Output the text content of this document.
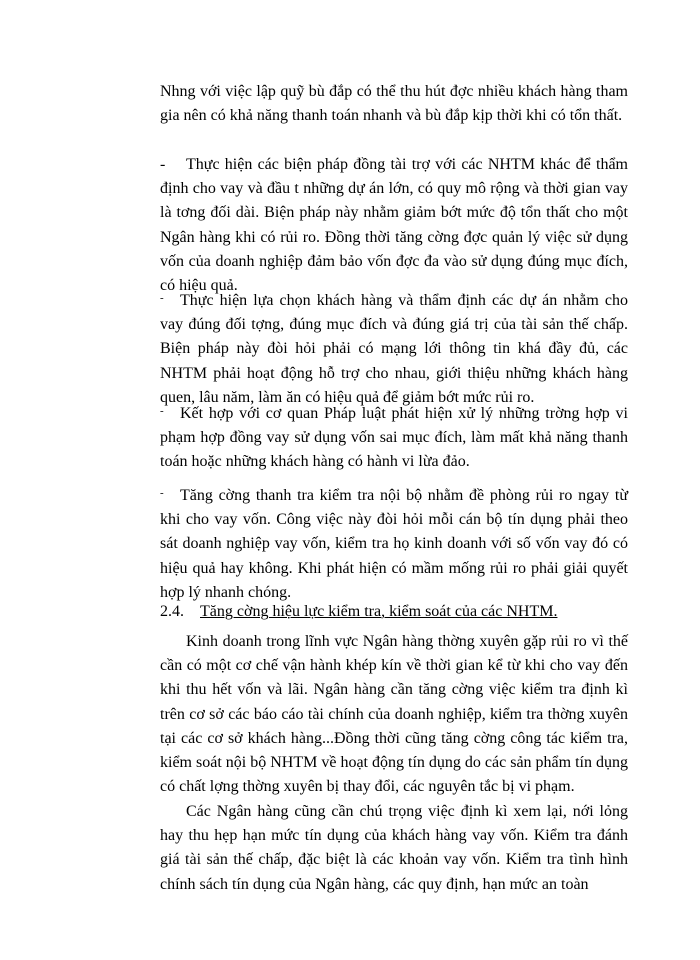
Nhng với việc lập quỹ bù đắp có thể thu hút đợc nhiều khách hàng tham gia nên có khả năng thanh toán nhanh và bù đắp kịp thời khi có tổn thất.

- Thực hiện các biện pháp đồng tài trợ với các NHTM khác để thẩm định cho vay và đầu t những dự án lớn, có quy mô rộng và thời gian vay là tơng đối dài. Biện pháp này nhằm giảm bớt mức độ tổn thất cho một Ngân hàng khi có rủi ro. Đồng thời tăng cờng đợc quản lý việc sử dụng vốn của doanh nghiệp đảm bảo vốn đợc đa vào sử dụng đúng mục đích, có hiệu quả.

- Thực hiện lựa chọn khách hàng và thẩm định các dự án nhằm cho vay đúng đối tợng, đúng mục đích và đúng giá trị của tài sản thế chấp. Biện pháp này đòi hỏi phải có mạng lới thông tin khá đầy đủ, các NHTM phải hoạt động hỗ trợ cho nhau, giới thiệu những khách hàng quen, lâu năm, làm ăn có hiệu quả để giảm bớt mức rủi ro.

- Kết hợp với cơ quan Pháp luật phát hiện xử lý những trờng hợp vi phạm hợp đồng vay sử dụng vốn sai mục đích, làm mất khả năng thanh toán hoặc những khách hàng có hành vi lừa đảo.

- Tăng cờng thanh tra kiểm tra nội bộ nhằm đề phòng rủi ro ngay từ khi cho vay vốn. Công việc này đòi hỏi mỗi cán bộ tín dụng phải theo sát doanh nghiệp vay vốn, kiểm tra họ kinh doanh với số vốn vay đó có hiệu quả hay không. Khi phát hiện có mầm mống rủi ro phải giải quyết hợp lý nhanh chóng.

2.4. Tăng cờng hiệu lực kiểm tra, kiểm soát của các NHTM.

Kinh doanh trong lĩnh vực Ngân hàng thờng xuyên gặp rủi ro vì thế cần có một cơ chế vận hành khép kín về thời gian kể từ khi cho vay đến khi thu hết vốn và lãi. Ngân hàng cần tăng cờng việc kiểm tra định kì trên cơ sở các báo cáo tài chính của doanh nghiệp, kiểm tra thờng xuyên tại các cơ sở khách hàng...Đồng thời cũng tăng cờng công tác kiểm tra, kiểm soát nội bộ NHTM về hoạt động tín dụng do các sản phẩm tín dụng có chất lợng thờng xuyên bị thay đổi, các nguyên tắc bị vi phạm.

Các Ngân hàng cũng cần chú trọng việc định kì xem lại, nới lỏng hay thu hẹp hạn mức tín dụng của khách hàng vay vốn. Kiểm tra đánh giá tài sản thế chấp, đặc biệt là các khoản vay vốn. Kiểm tra tình hình chính sách tín dụng của Ngân hàng, các quy định, hạn mức an toàn
